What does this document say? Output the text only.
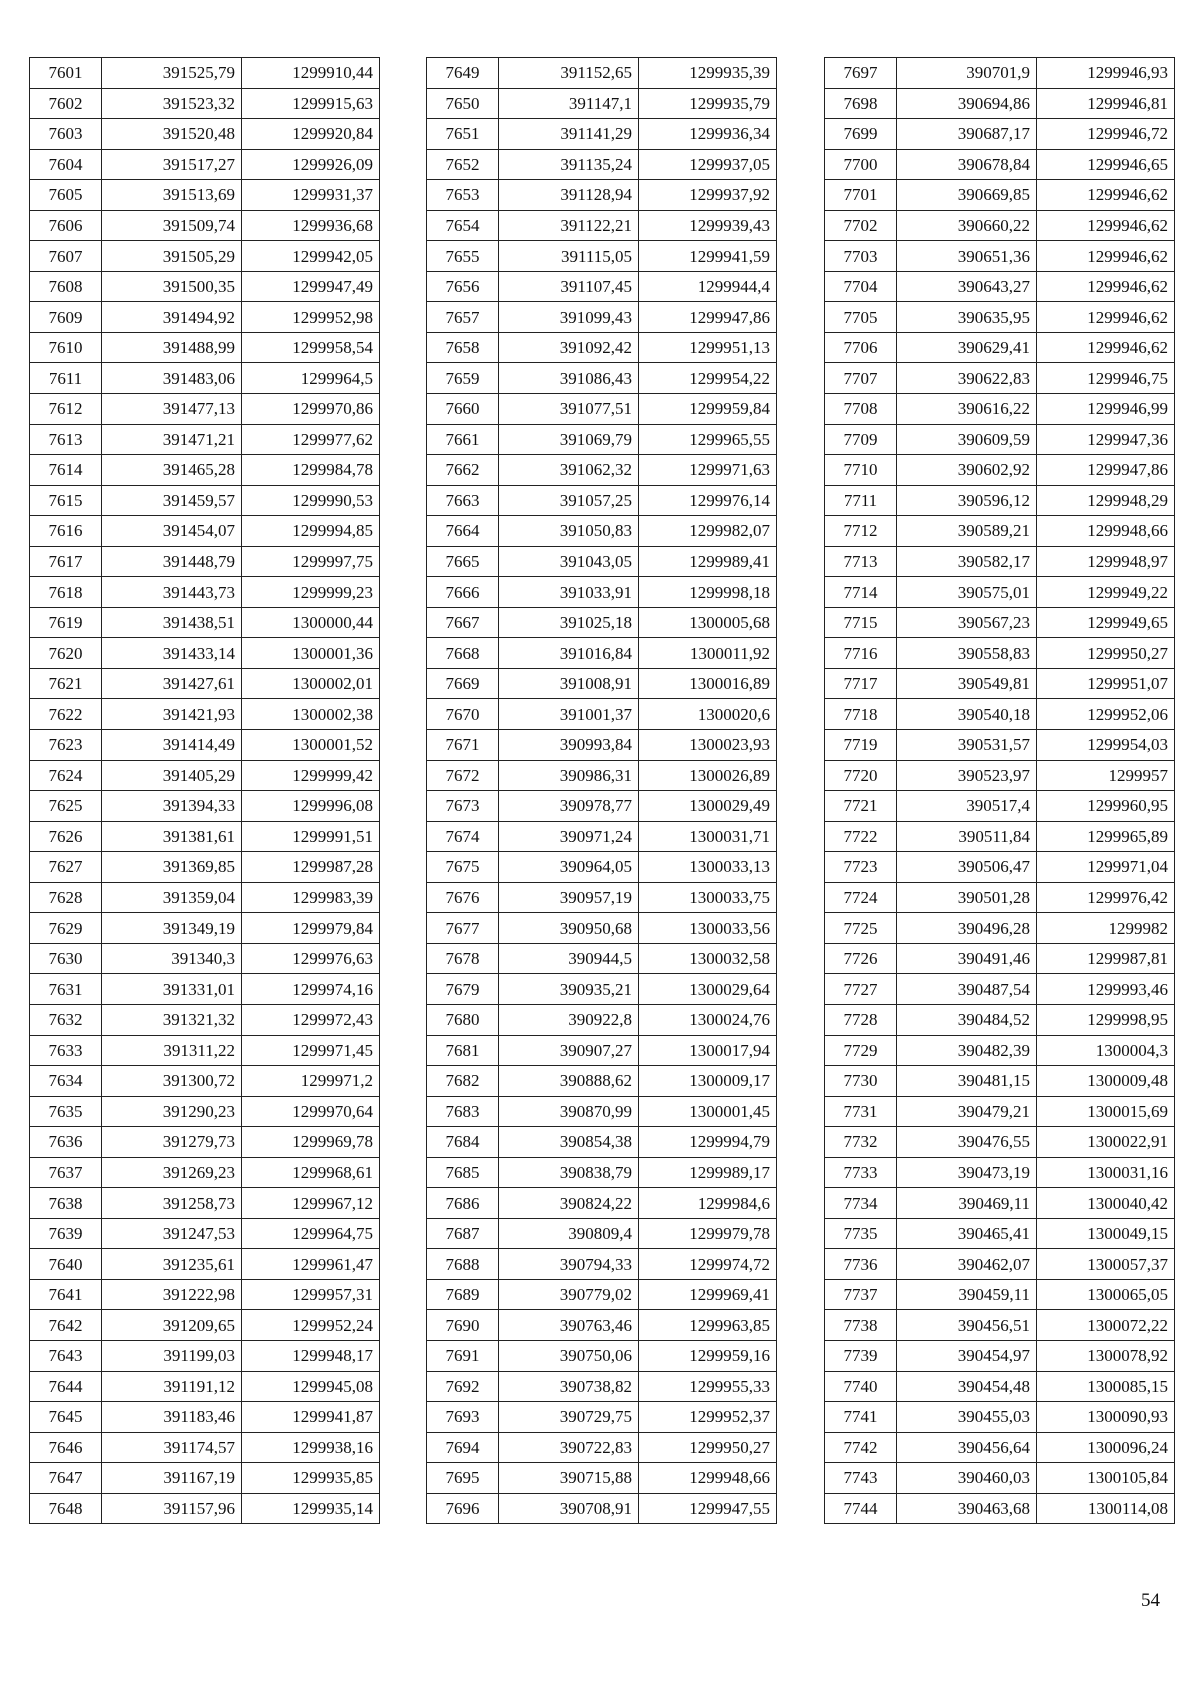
7601	391525,79	1299910,44
7602	391523,32	1299915,63
7603	391520,48	1299920,84
7604	391517,27	1299926,09
7605	391513,69	1299931,37
7606	391509,74	1299936,68
7607	391505,29	1299942,05
7608	391500,35	1299947,49
7609	391494,92	1299952,98
7610	391488,99	1299958,54
7611	391483,06	1299964,5
7612	391477,13	1299970,86
7613	391471,21	1299977,62
7614	391465,28	1299984,78
7615	391459,57	1299990,53
7616	391454,07	1299994,85
7617	391448,79	1299997,75
7618	391443,73	1299999,23
7619	391438,51	1300000,44
7620	391433,14	1300001,36
7621	391427,61	1300002,01
7622	391421,93	1300002,38
7623	391414,49	1300001,52
7624	391405,29	1299999,42
7625	391394,33	1299996,08
7626	391381,61	1299991,51
7627	391369,85	1299987,28
7628	391359,04	1299983,39
7629	391349,19	1299979,84
7630	391340,3	1299976,63
7631	391331,01	1299974,16
7632	391321,32	1299972,43
7633	391311,22	1299971,45
7634	391300,72	1299971,2
7635	391290,23	1299970,64
7636	391279,73	1299969,78
7637	391269,23	1299968,61
7638	391258,73	1299967,12
7639	391247,53	1299964,75
7640	391235,61	1299961,47
7641	391222,98	1299957,31
7642	391209,65	1299952,24
7643	391199,03	1299948,17
7644	391191,12	1299945,08
7645	391183,46	1299941,87
7646	391174,57	1299938,16
7647	391167,19	1299935,85
7648	391157,96	1299935,14
7649	391152,65	1299935,39
7650	391147,1	1299935,79
7651	391141,29	1299936,34
7652	391135,24	1299937,05
7653	391128,94	1299937,92
7654	391122,21	1299939,43
7655	391115,05	1299941,59
7656	391107,45	1299944,4
7657	391099,43	1299947,86
7658	391092,42	1299951,13
7659	391086,43	1299954,22
7660	391077,51	1299959,84
7661	391069,79	1299965,55
7662	391062,32	1299971,63
7663	391057,25	1299976,14
7664	391050,83	1299982,07
7665	391043,05	1299989,41
7666	391033,91	1299998,18
7667	391025,18	1300005,68
7668	391016,84	1300011,92
7669	391008,91	1300016,89
7670	391001,37	1300020,6
7671	390993,84	1300023,93
7672	390986,31	1300026,89
7673	390978,77	1300029,49
7674	390971,24	1300031,71
7675	390964,05	1300033,13
7676	390957,19	1300033,75
7677	390950,68	1300033,56
7678	390944,5	1300032,58
7679	390935,21	1300029,64
7680	390922,8	1300024,76
7681	390907,27	1300017,94
7682	390888,62	1300009,17
7683	390870,99	1300001,45
7684	390854,38	1299994,79
7685	390838,79	1299989,17
7686	390824,22	1299984,6
7687	390809,4	1299979,78
7688	390794,33	1299974,72
7689	390779,02	1299969,41
7690	390763,46	1299963,85
7691	390750,06	1299959,16
7692	390738,82	1299955,33
7693	390729,75	1299952,37
7694	390722,83	1299950,27
7695	390715,88	1299948,66
7696	390708,91	1299947,55
7697	390701,9	1299946,93
7698	390694,86	1299946,81
7699	390687,17	1299946,72
7700	390678,84	1299946,65
7701	390669,85	1299946,62
7702	390660,22	1299946,62
7703	390651,36	1299946,62
7704	390643,27	1299946,62
7705	390635,95	1299946,62
7706	390629,41	1299946,62
7707	390622,83	1299946,75
7708	390616,22	1299946,99
7709	390609,59	1299947,36
7710	390602,92	1299947,86
7711	390596,12	1299948,29
7712	390589,21	1299948,66
7713	390582,17	1299948,97
7714	390575,01	1299949,22
7715	390567,23	1299949,65
7716	390558,83	1299950,27
7717	390549,81	1299951,07
7718	390540,18	1299952,06
7719	390531,57	1299954,03
7720	390523,97	1299957
7721	390517,4	1299960,95
7722	390511,84	1299965,89
7723	390506,47	1299971,04
7724	390501,28	1299976,42
7725	390496,28	1299982
7726	390491,46	1299987,81
7727	390487,54	1299993,46
7728	390484,52	1299998,95
7729	390482,39	1300004,3
7730	390481,15	1300009,48
7731	390479,21	1300015,69
7732	390476,55	1300022,91
7733	390473,19	1300031,16
7734	390469,11	1300040,42
7735	390465,41	1300049,15
7736	390462,07	1300057,37
7737	390459,11	1300065,05
7738	390456,51	1300072,22
7739	390454,97	1300078,92
7740	390454,48	1300085,15
7741	390455,03	1300090,93
7742	390456,64	1300096,24
7743	390460,03	1300105,84
7744	390463,68	1300114,08
54
